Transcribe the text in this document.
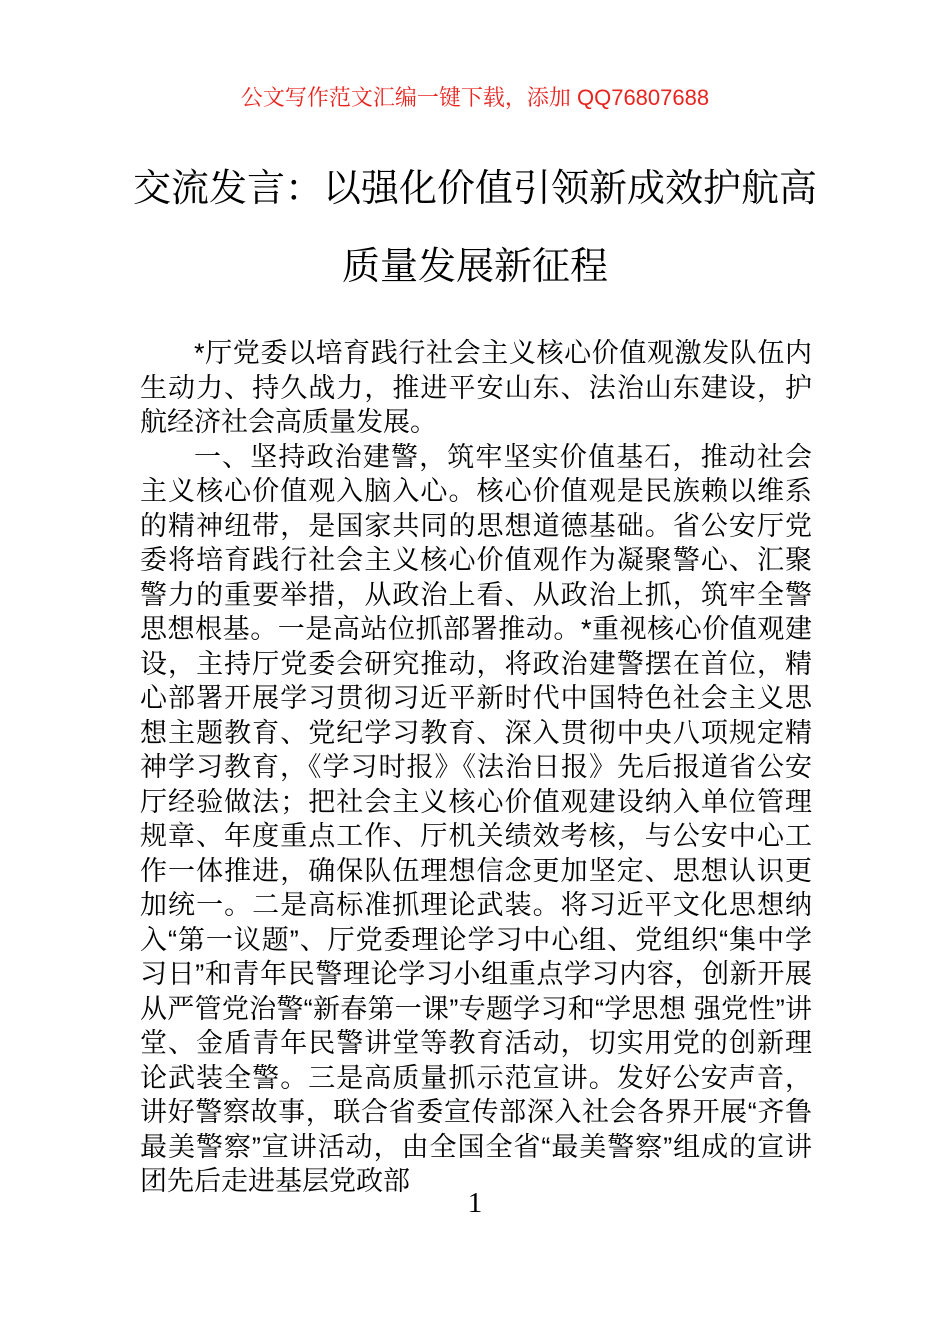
公文写作范文汇编一键下载，添加 QQ76807688
交流发言：以强化价值引领新成效护航高
质量发展新征程

*厅党委以培育践行社会主义核心价值观激发队伍内生动力、持久战力，推进平安山东、法治山东建设，护航经济社会高质量发展。

一、坚持政治建警，筑牢坚实价值基石，推动社会主义核心价值观入脑入心。核心价值观是民族赖以维系的精神纽带，是国家共同的思想道德基础。省公安厅党委将培育践行社会主义核心价值观作为凝聚警心、汇聚警力的重要举措，从政治上看、从政治上抓，筑牢全警思想根基。一是高站位抓部署推动。*重视核心价值观建设，主持厅党委会研究推动，将政治建警摆在首位，精心部署开展学习贯彻习近平新时代中国特色社会主义思想主题教育、党纪学习教育、深入贯彻中央八项规定精神学习教育，《学习时报》《法治日报》先后报道省公安厅经验做法；把社会主义核心价值观建设纳入单位管理规章、年度重点工作、厅机关绩效考核，与公安中心工作一体推进，确保队伍理想信念更加坚定、思想认识更加统一。二是高标准抓理论武装。将习近平文化思想纳入“第一议题”、厅党委理论学习中心组、党组织“集中学习日”和青年民警理论学习小组重点学习内容，创新开展从严管党治警“新春第一课”专题学习和“学思想 强党性”讲堂、金盾青年民警讲堂等教育活动，切实用党的创新理论武装全警。三是高质量抓示范宣讲。发好公安声音，讲好警察故事，联合省委宣传部深入社会各界开展“齐鲁最美警察”宣讲活动，由全国全省“最美警察”组成的宣讲团先后走进基层党政部

1
